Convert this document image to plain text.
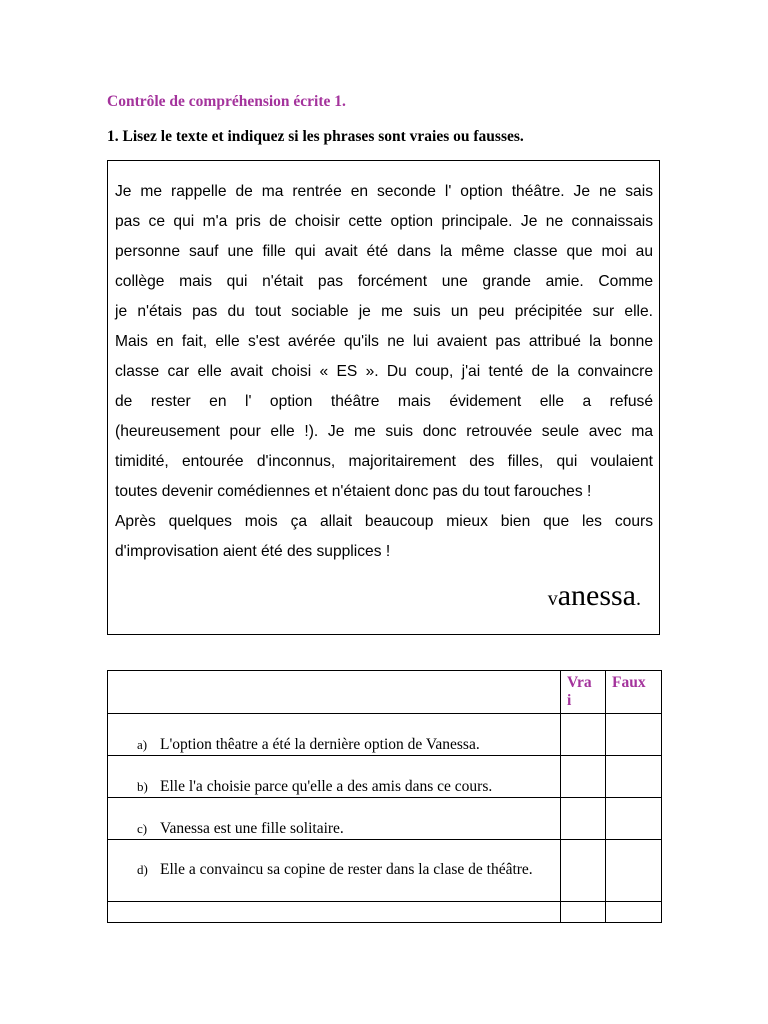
Contrôle de compréhension écrite 1.
1. Lisez le texte et indiquez si les phrases sont vraies ou fausses.
Je me rappelle de ma rentrée en seconde l' option théâtre. Je ne sais
pas ce qui m'a pris de choisir cette option principale. Je ne connaissais
personne sauf une fille qui avait été dans la même classe que moi au
collège mais qui n'était pas forcément une grande amie. Comme
je n'étais pas du tout sociable je me suis un peu précipitée sur elle.
Mais en fait, elle s'est avérée qu'ils ne lui avaient pas attribué la bonne
classe car elle avait choisi « ES ». Du coup, j'ai tenté de la convaincre
de rester en l' option théâtre mais évidement elle a refusé
(heureusement pour elle !). Je me suis donc retrouvée seule avec ma
timidité, entourée d'inconnus, majoritairement des filles, qui voulaient
toutes devenir comédiennes et n'étaient donc pas du tout farouches !
Après quelques mois ça allait beaucoup mieux bien que les cours
d'improvisation aient été des supplices !
vanessa.

	Vrai	Faux

a) L'option thêatre a été la dernière option de Vanessa.		

b) Elle l'a choisie parce qu'elle a des amis dans ce cours.		

c) Vanessa est une fille solitaire.		

d) Elle a convaincu sa copine de rester dans la clase de théâtre.		
